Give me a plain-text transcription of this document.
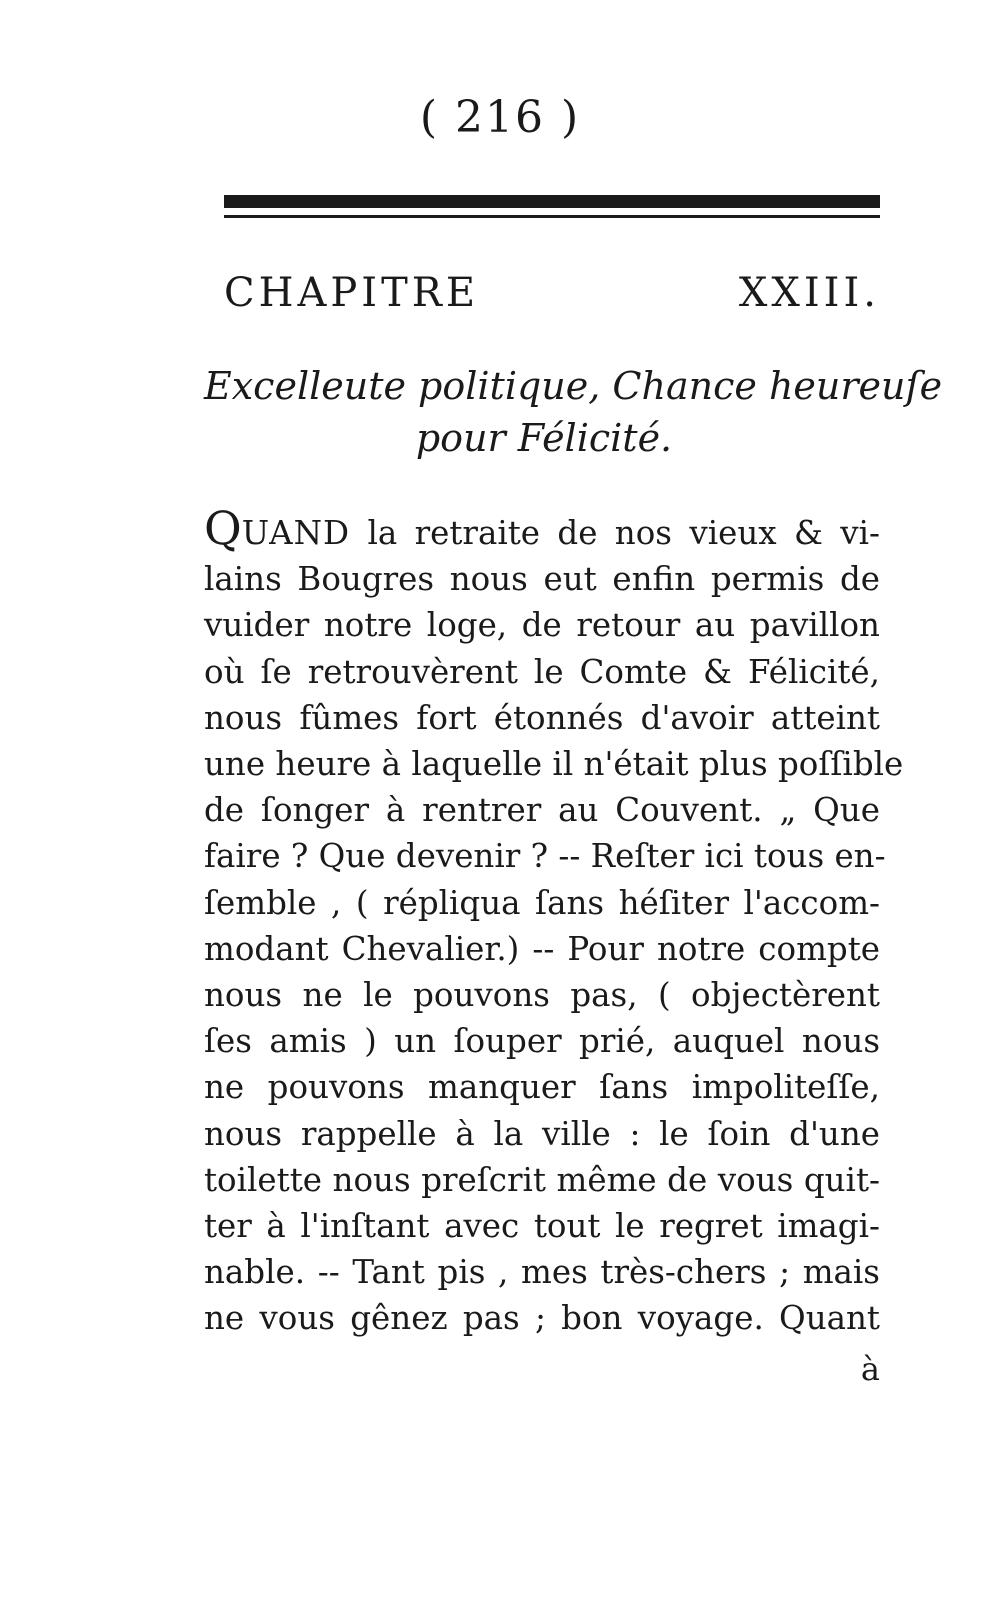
( 216 )
CHAPITRE XXIII.
Excelleute politique, Chance heureuſe
pour Félicité.
QUAND la retraite de nos vieux & vi-
lains Bougres nous eut enfin permis de
vuider notre loge, de retour au pavillon
où ſe retrouvèrent le Comte & Félicité,
nous fûmes fort étonnés d'avoir atteint
une heure à laquelle il n'était plus poſſible
de ſonger à rentrer au Couvent. „ Que
faire ? Que devenir ? -- Reſter ici tous en-
ſemble , ( répliqua ſans héſiter l'accom-
modant Chevalier.) -- Pour notre compte
nous ne le pouvons pas, ( objectèrent
ſes amis ) un ſouper prié, auquel nous
ne pouvons manquer ſans impoliteſſe,
nous rappelle à la ville : le ſoin d'une
toilette nous preſcrit même de vous quit-
ter à l'inſtant avec tout le regret imagi-
nable. -- Tant pis , mes très-chers ; mais
ne vous gênez pas ; bon voyage. Quant
à
